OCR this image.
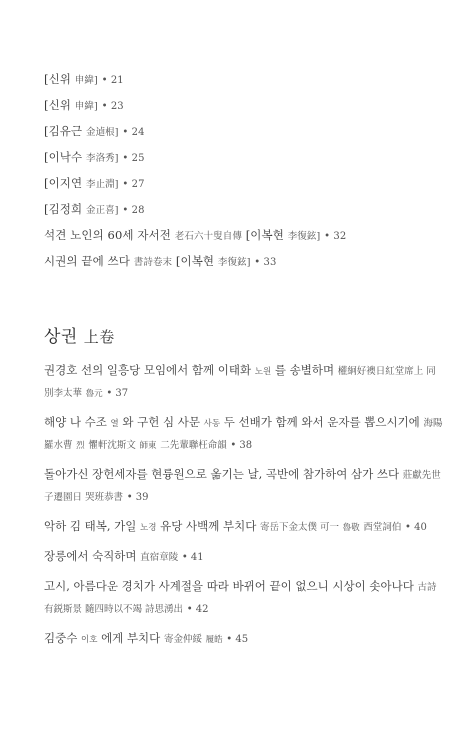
[신위 申緯] • 21
[신위 申緯] • 23
[김유근 金逌根] • 24
[이낙수 李洛秀] • 25
[이지연 李止淵] • 27
[김정희 金正喜] • 28
석견 노인의 60세 자서전 老石六十叟自傳 [이복현 李復鉉] • 32
시권의 끝에 쓰다 書詩卷末 [이복현 李復鉉] • 33
상권 上卷
권경호 선의 일흥당 모임에서 함께 이태화 노원 를 송별하며 權絅好襖日紅堂席上 同別李太華 魯元 • 37
해양 나 수조 열 와 구헌 심 사문 사동 두 선배가 함께 와서 운자를 뽑으시기에 海陽羅水曹 烈 懼軒沈斯文 師東 二先輩聯枉命韻 • 38
돌아가신 장헌세자를 현륭원으로 옮기는 날, 곡반에 참가하여 삼가 쓰다 莊獻先世子遷園日 哭班恭書 • 39
악하 김 태복, 가일 노경 유당 사백께 부치다 寄岳下金太僕 可一 魯敬 酉堂詞伯 • 40
장릉에서 숙직하며 直宿章陵 • 41
고시, 아름다운 경치가 사계절을 따라 바뀌어 끝이 없으니 시상이 솟아나다 古詩 有鋭斯景 隨四時以不竭 詩思湧出 • 42
김중수 이호 에게 부치다 寄金仲綏 履皓 • 45
